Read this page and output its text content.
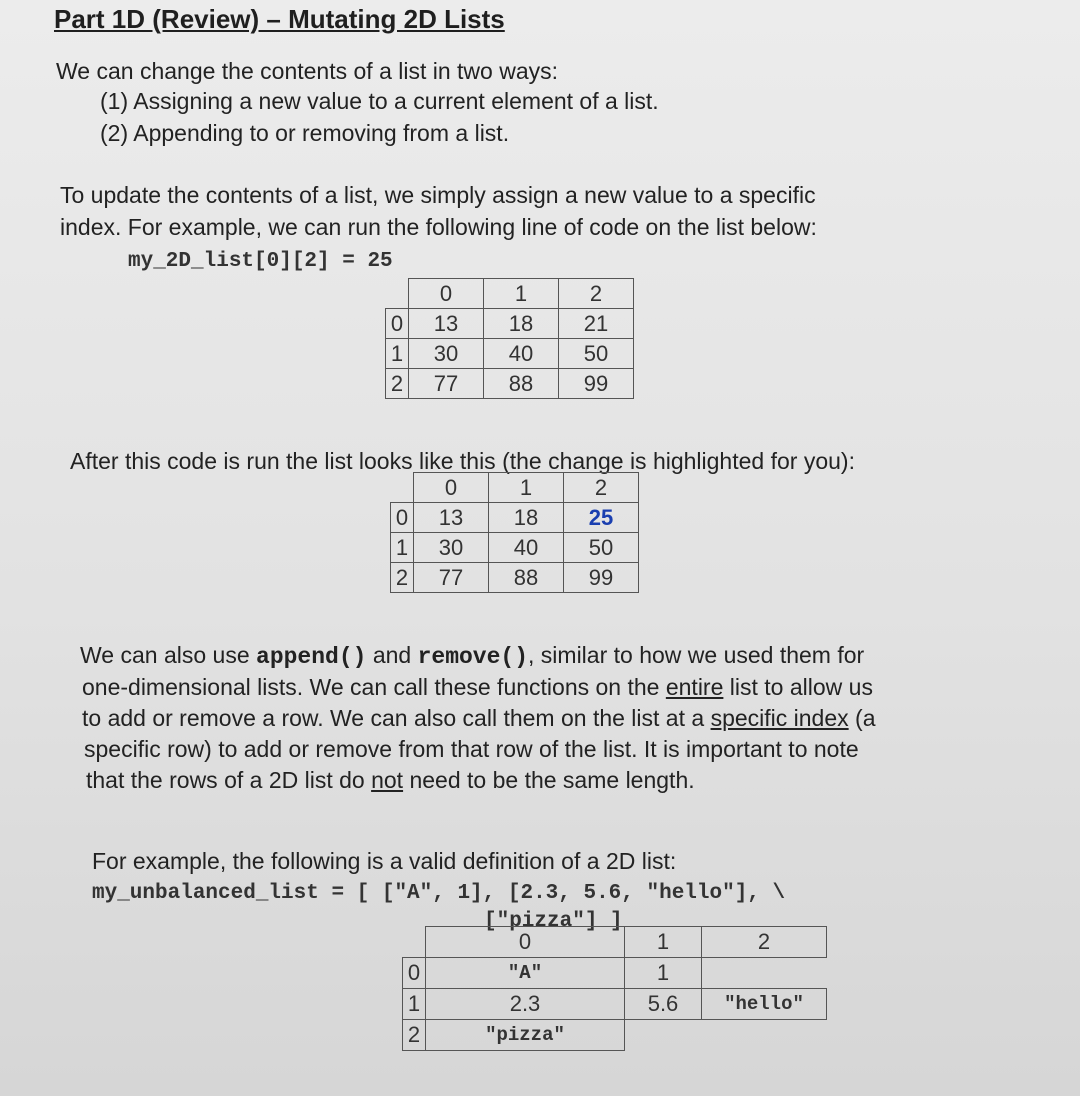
Part 1D (Review) – Mutating 2D Lists
We can change the contents of a list in two ways:
(1) Assigning a new value to a current element of a list.
(2) Appending to or removing from a list.
To update the contents of a list, we simply assign a new value to a specific
index. For example, we can run the following line of code on the list below:
my_2D_list[0][2] = 25
	0	1	2
0	13	18	21
1	30	40	50
2	77	88	99
After this code is run the list looks like this (the change is highlighted for you):
	0	1	2
0	13	18	25
1	30	40	50
2	77	88	99
We can also use append() and remove(), similar to how we used them for
one-dimensional lists. We can call these functions on the entire list to allow us
to add or remove a row. We can also call them on the list at a specific index (a
specific row) to add or remove from that row of the list. It is important to note
that the rows of a 2D list do not need to be the same length.
For example, the following is a valid definition of a 2D list:
my_unbalanced_list = [ ["A", 1], [2.3, 5.6, "hello"], \
["pizza"] ]
	0	1	2
0	"A"	1	
1	2.3	5.6	"hello"
2	"pizza"		
